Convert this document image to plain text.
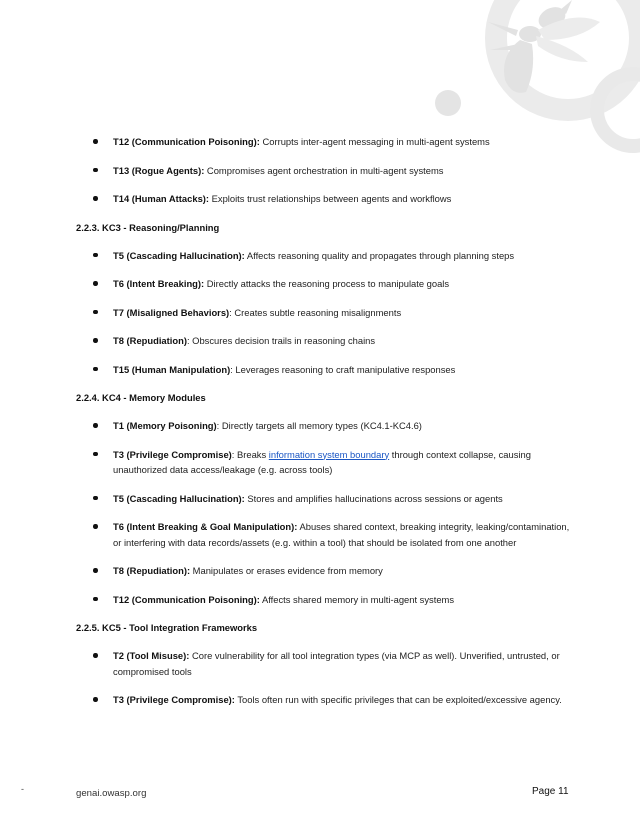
T12 (Communication Poisoning): Corrupts inter-agent messaging in multi-agent systems
T13 (Rogue Agents): Compromises agent orchestration in multi-agent systems
T14 (Human Attacks): Exploits trust relationships between agents and workflows
2.2.3. KC3 - Reasoning/Planning
T5 (Cascading Hallucination): Affects reasoning quality and propagates through planning steps
T6 (Intent Breaking): Directly attacks the reasoning process to manipulate goals
T7 (Misaligned Behaviors): Creates subtle reasoning misalignments
T8 (Repudiation): Obscures decision trails in reasoning chains
T15 (Human Manipulation): Leverages reasoning to craft manipulative responses
2.2.4. KC4 - Memory Modules
T1 (Memory Poisoning): Directly targets all memory types (KC4.1-KC4.6)
T3 (Privilege Compromise): Breaks information system boundary through context collapse, causing unauthorized data access/leakage (e.g. across tools)
T5 (Cascading Hallucination): Stores and amplifies hallucinations across sessions or agents
T6 (Intent Breaking & Goal Manipulation): Abuses shared context, breaking integrity, leaking/contamination, or interfering with data records/assets (e.g. within a tool) that should be isolated from one another
T8 (Repudiation): Manipulates or erases evidence from memory
T12 (Communication Poisoning): Affects shared memory in multi-agent systems
2.2.5. KC5 - Tool Integration Frameworks
T2 (Tool Misuse): Core vulnerability for all tool integration types (via MCP as well). Unverified, untrusted, or compromised tools
T3 (Privilege Compromise): Tools often run with specific privileges that can be exploited/excessive agency.
-	genai.owasp.org	Page 11
